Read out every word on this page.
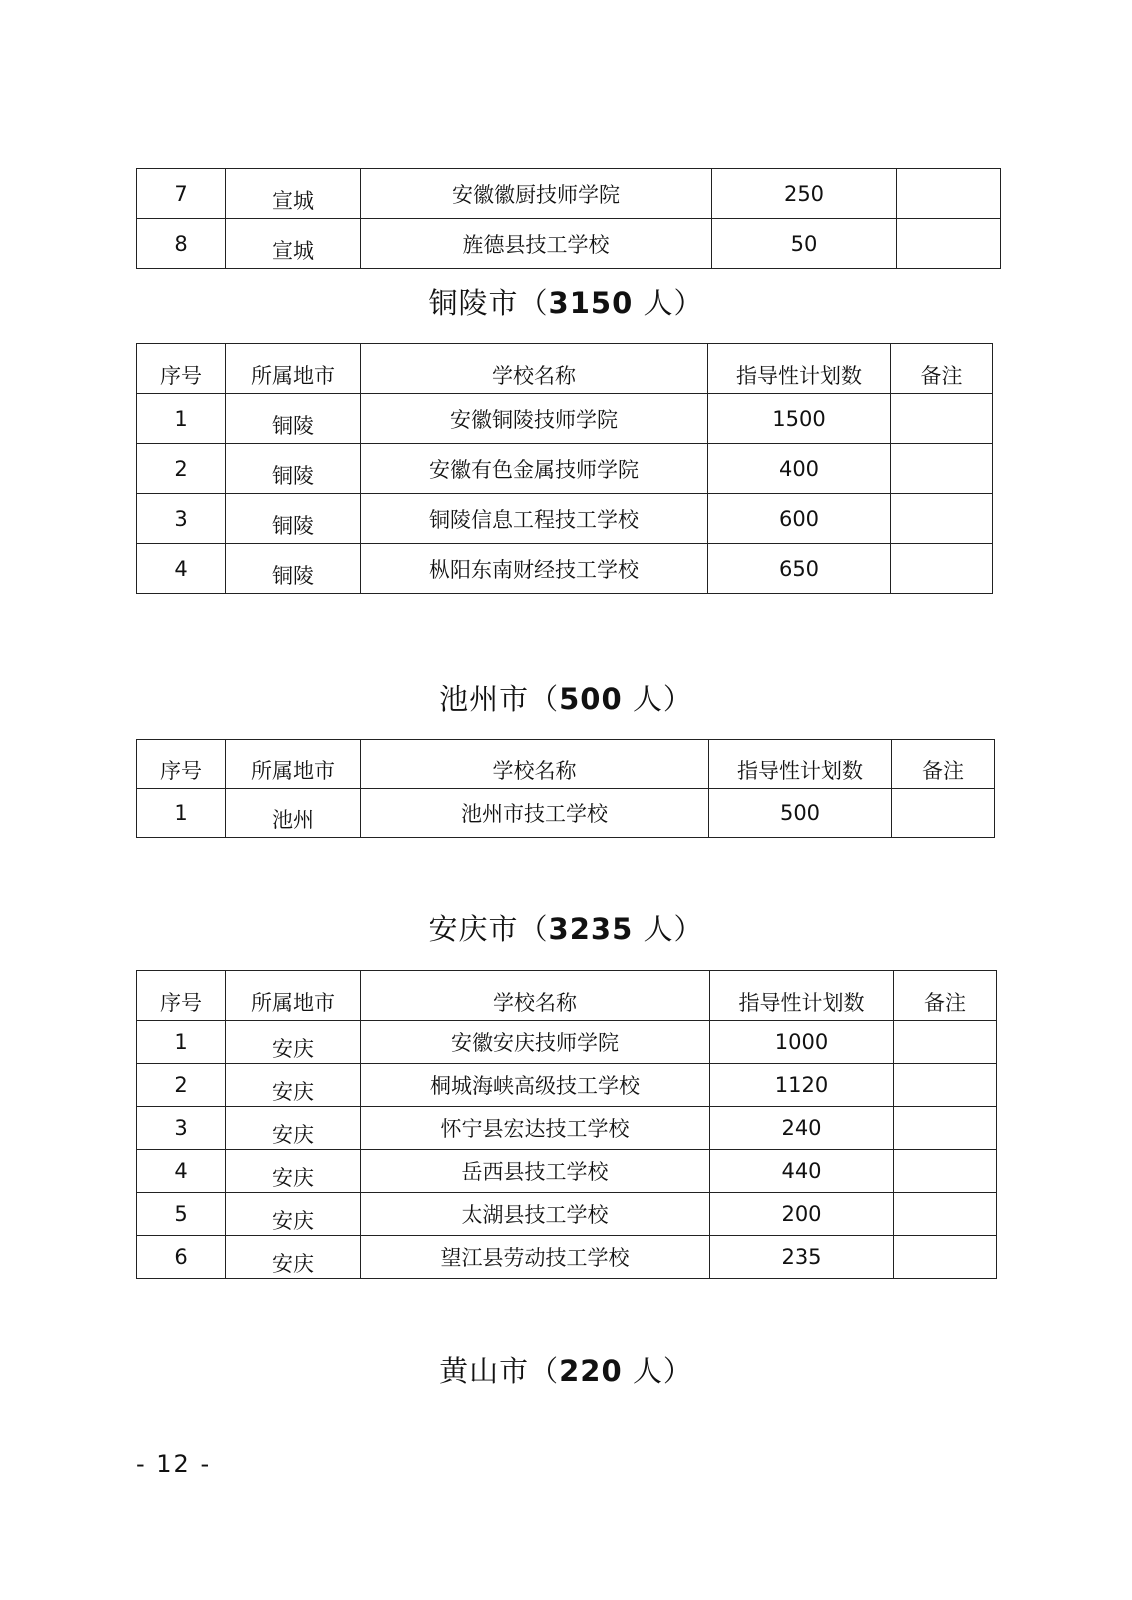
7	宣城	安徽徽厨技师学院	250	
8	宣城	旌德县技工学校	50	
铜陵市（3150 人）
序号	所属地市	学校名称	指导性计划数	备注
1	铜陵	安徽铜陵技师学院	1500	
2	铜陵	安徽有色金属技师学院	400	
3	铜陵	铜陵信息工程技工学校	600	
4	铜陵	枞阳东南财经技工学校	650	
池州市（500 人）
序号	所属地市	学校名称	指导性计划数	备注
1	池州	池州市技工学校	500	
安庆市（3235 人）
序号	所属地市	学校名称	指导性计划数	备注
1	安庆	安徽安庆技师学院	1000	
2	安庆	桐城海峡高级技工学校	1120	
3	安庆	怀宁县宏达技工学校	240	
4	安庆	岳西县技工学校	440	
5	安庆	太湖县技工学校	200	
6	安庆	望江县劳动技工学校	235	
黄山市（220 人）
- 12 -
